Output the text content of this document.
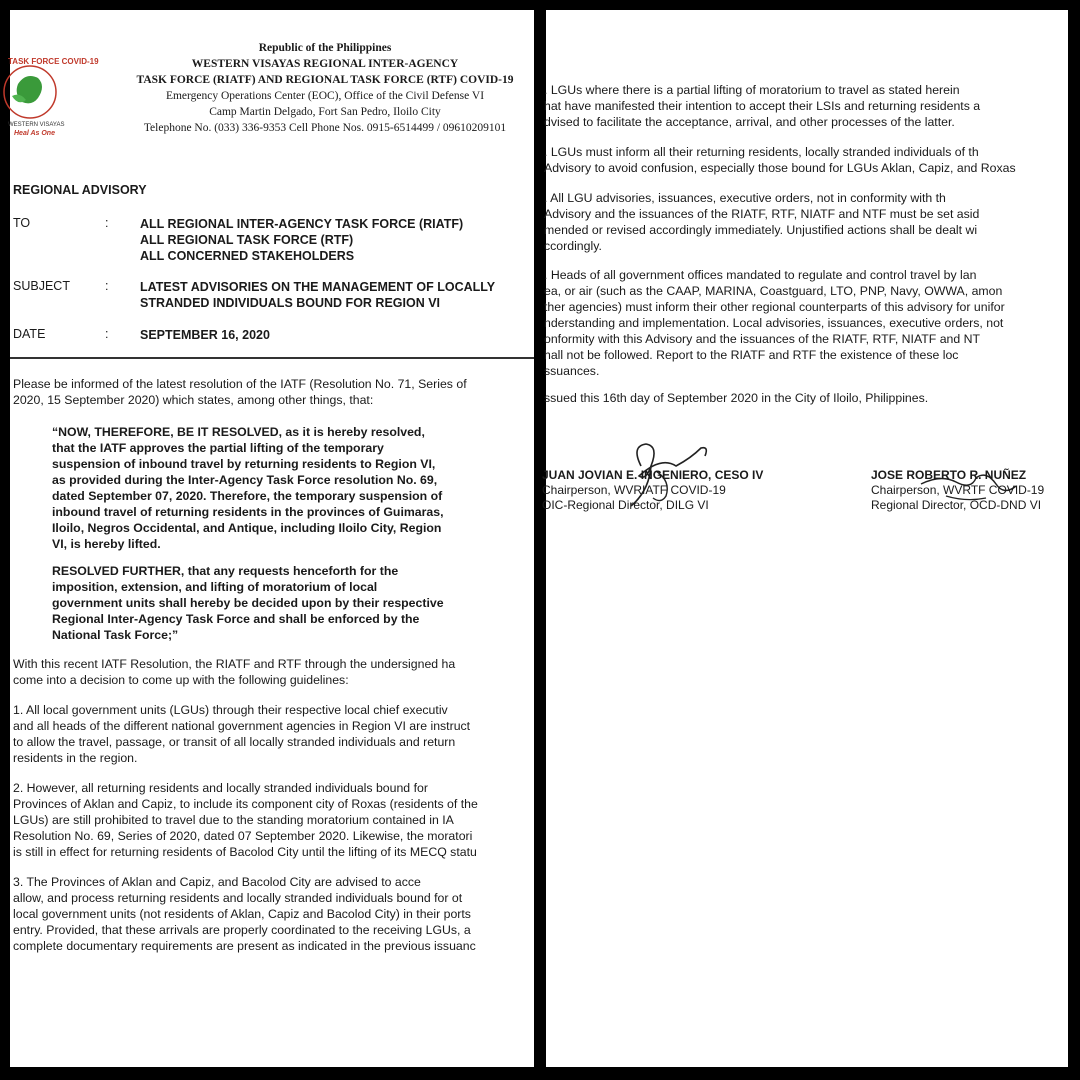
TASK FORCE COVID-19
WESTERN VISAYAS
Heal As One
Republic of the Philippines
WESTERN VISAYAS REGIONAL INTER-AGENCY
TASK FORCE (RIATF) AND REGIONAL TASK FORCE (RTF) COVID-19
Emergency Operations Center (EOC), Office of the Civil Defense VI
Camp Martin Delgado, Fort San Pedro, Iloilo City
Telephone No. (033) 336-9353 Cell Phone Nos. 0915-6514499 / 09610209101
REGIONAL ADVISORY
TO	:	ALL REGIONAL INTER-AGENCY TASK FORCE (RIATF)
ALL REGIONAL TASK FORCE (RTF)
ALL CONCERNED STAKEHOLDERS
SUBJECT	:	LATEST ADVISORIES ON THE MANAGEMENT OF LOCALLY
STRANDED INDIVIDUALS BOUND FOR REGION VI
DATE	:	SEPTEMBER 16, 2020
Please be informed of the latest resolution of the IATF (Resolution No. 71, Series of
2020, 15 September 2020) which states, among other things, that:
“NOW, THEREFORE, BE IT RESOLVED, as it is hereby resolved,
that the IATF approves the partial lifting of the temporary
suspension of inbound travel by returning residents to Region VI,
as provided during the Inter-Agency Task Force resolution No. 69,
dated September 07, 2020. Therefore, the temporary suspension of
inbound travel of returning residents in the provinces of Guimaras,
Iloilo, Negros Occidental, and Antique, including Iloilo City, Region
VI, is hereby lifted.
RESOLVED FURTHER, that any requests henceforth for the
imposition, extension, and lifting of moratorium of local
government units shall hereby be decided upon by their respective
Regional Inter-Agency Task Force and shall be enforced by the
National Task Force;”
With this recent IATF Resolution, the RIATF and RTF through the undersigned ha
come into a decision to come up with the following guidelines:
1. All local government units (LGUs) through their respective local chief executiv
and all heads of the different national government agencies in Region VI are instruct
to allow the travel, passage, or transit of all locally stranded individuals and return
residents in the region.
2. However, all returning residents and locally stranded individuals bound for
Provinces of Aklan and Capiz, to include its component city of Roxas (residents of the
LGUs) are still prohibited to travel due to the standing moratorium contained in IA
Resolution No. 69, Series of 2020, dated 07 September 2020. Likewise, the moratori
is still in effect for returning residents of Bacolod City until the lifting of its MECQ statu
3. The Provinces of Aklan and Capiz, and Bacolod City are advised to acce
allow, and process returning residents and locally stranded individuals bound for ot
local government units (not residents of Aklan, Capiz and Bacolod City) in their ports
entry. Provided, that these arrivals are properly coordinated to the receiving LGUs, a
complete documentary requirements are present as indicated in the previous issuanc
. LGUs where there is a partial lifting of moratorium to travel as stated herein
hat have manifested their intention to accept their LSIs and returning residents a
dvised to facilitate the acceptance, arrival, and other processes of the latter.
. LGUs must inform all their returning residents, locally stranded individuals of th
Advisory to avoid confusion, especially those bound for LGUs Aklan, Capiz, and Roxas
. All LGU advisories, issuances, executive orders, not in conformity with th
Advisory and the issuances of the RIATF, RTF, NIATF and NTF must be set asid
mended or revised accordingly immediately. Unjustified actions shall be dealt wi
ccordingly.
. Heads of all government offices mandated to regulate and control travel by lan
ea, or air (such as the CAAP, MARINA, Coastguard, LTO, PNP, Navy, OWWA, amon
ther agencies) must inform their other regional counterparts of this advisory for unifor
nderstanding and implementation. Local advisories, issuances, executive orders, not
onformity with this Advisory and the issuances of the RIATF, RTF, NIATF and NT
hall not be followed. Report to the RIATF and RTF the existence of these loc
ssuances.
ssued this 16th day of September 2020 in the City of Iloilo, Philippines.
JUAN JOVIAN E. INGENIERO, CESO IV
Chairperson, WVRIATF COVID-19
OIC-Regional Director, DILG VI
JOSE ROBERTO R. NUÑEZ
Chairperson, WVRTF COVID-19
Regional Director, OCD-DND VI
